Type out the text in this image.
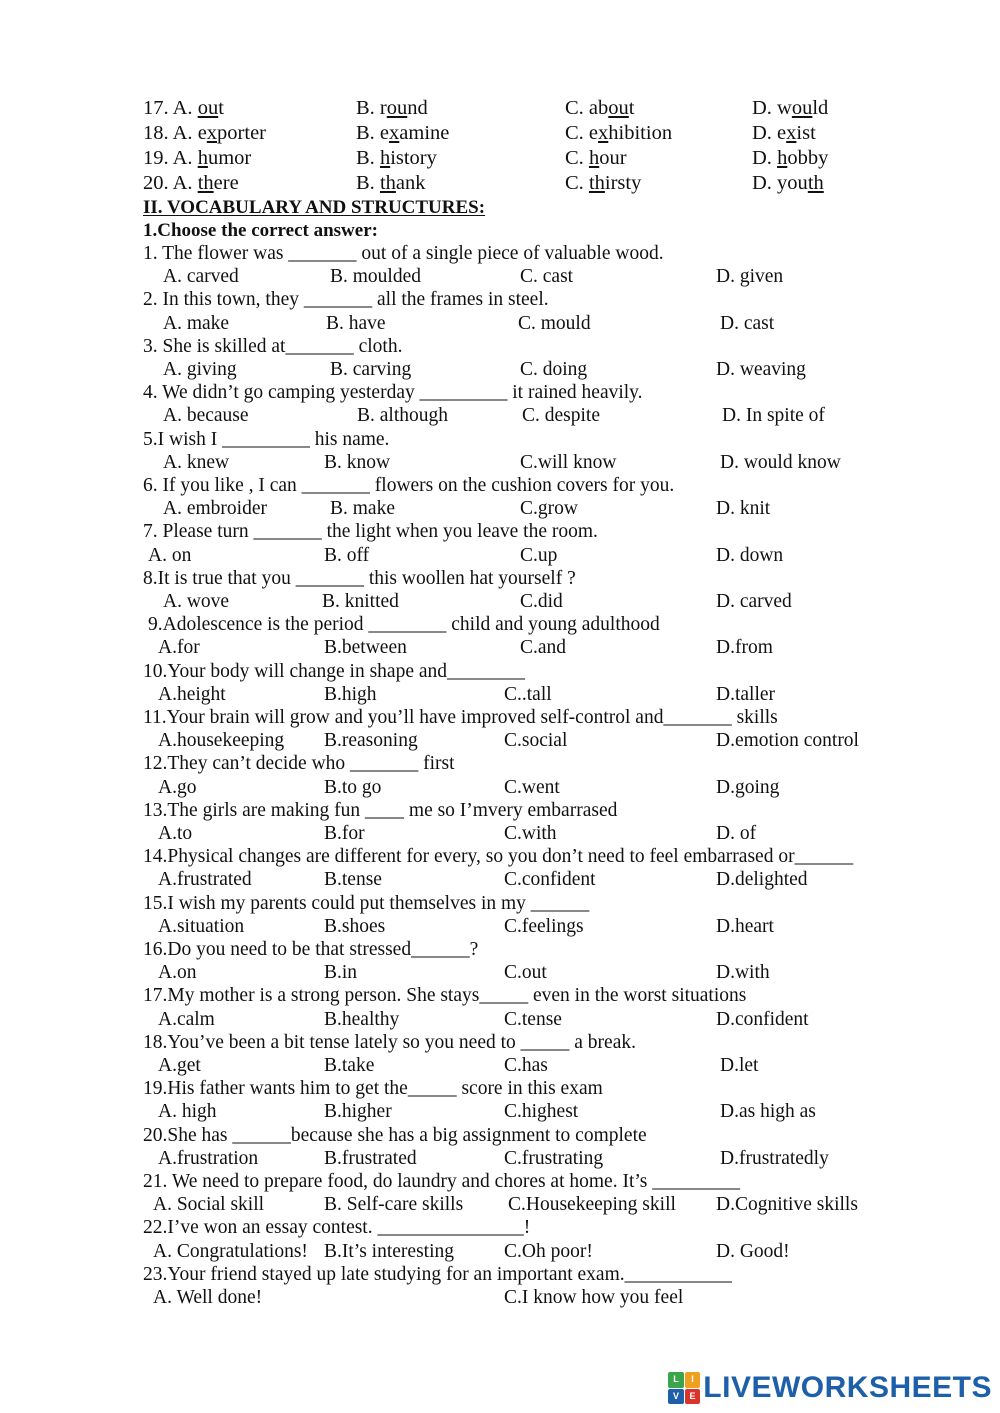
17. A. out	B. round	C. about	D. would
18. A. exporter	B. examine	C. exhibition	D. exist
19. A. humor	B. history	C. hour	D. hobby
20. A. there	B. thank	C. thirsty	D. youth
II. VOCABULARY AND STRUCTURES:
1.Choose the correct answer:
1. The flower was _______ out of a single piece of valuable wood.
A. carved	B. moulded	C. cast	D. given
2. In this town, they _______ all the frames in steel.
A. make	B. have	C. mould	D. cast
3. She is skilled at_______ cloth.
A. giving	B. carving	C. doing	D. weaving
4. We didn’t go camping yesterday _________ it rained heavily.
A. because	B. although	C. despite	D. In spite of
5.I wish I _________ his name.
A. knew	B. know	C.will know	D. would know
6. If you like , I can _______ flowers on the cushion covers for you.
A. embroider	B. make	C.grow	D. knit
7. Please turn _______ the light when you leave the room.
A. on	B. off	C.up	D. down
8.It is true that you _______ this woollen hat yourself ?
A. wove	B. knitted	C.did	D. carved
9.Adolescence is the period ________ child and young adulthood
A.for	B.between	C.and	D.from
10.Your body will change in shape and________
A.height	B.high	C..tall	D.taller
11.Your brain will grow and you’ll have improved self-control and_______ skills
A.housekeeping B.reasoning	C.social	D.emotion control
12.They can’t decide who _______ first
A.go	B.to go	C.went	D.going
13.The girls are making fun ____ me so I’mvery embarrased
A.to	B.for	C.with	D. of
14.Physical changes are different for every, so you don’t need to feel embarrased or______
A.frustrated	B.tense	C.confident	D.delighted
15.I wish my parents could put themselves in my ______
A.situation	B.shoes	C.feelings	D.heart
16.Do you need to be that stressed______?
A.on	B.in	C.out	D.with
17.My mother is a strong person. She stays_____ even in the worst situations
A.calm	B.healthy	C.tense	D.confident
18.You’ve been a bit tense lately so you need to _____ a break.
A.get	B.take	C.has	D.let
19.His father wants him to get the_____ score in this exam
A. high	B.higher	C.highest	D.as high as
20.She has ______because she has a big assignment to complete
A.frustration	B.frustrated	C.frustrating	D.frustratedly
21. We need to prepare food, do laundry and chores at home. It’s _________
A. Social skill	B. Self-care skills C.Housekeeping skill D.Cognitive skills
22.I’ve won an essay contest. _______________!
A. Congratulations! B.It’s interesting	C.Oh poor!	D. Good!
23.Your friend stayed up late studying for an important exam.___________
A. Well done!	C.I know how you feel
L	I
V	E LIVEWORKSHEETS
